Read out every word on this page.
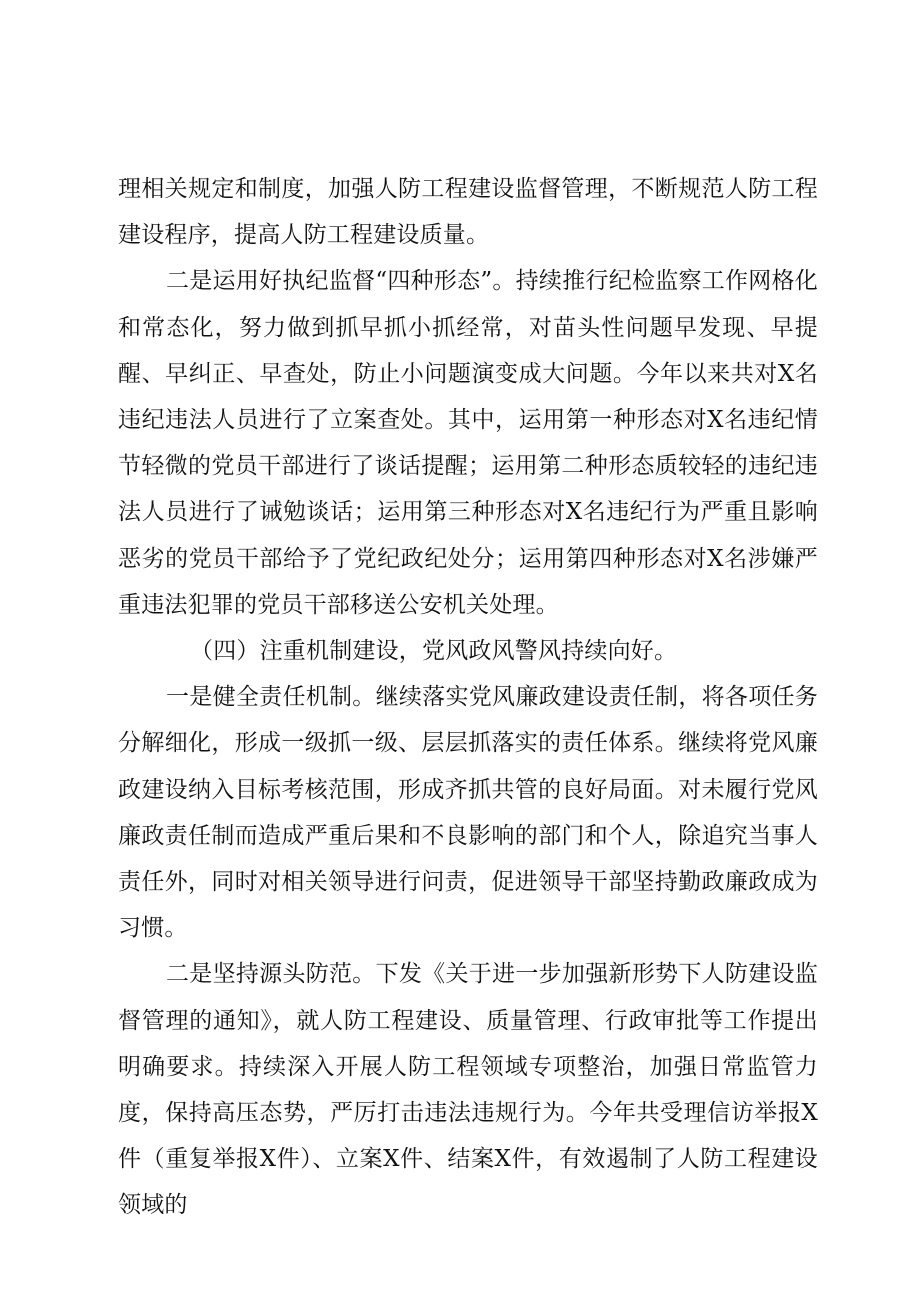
理相关规定和制度，加强人防工程建设监督管理，不断规范人防工程建设程序，提高人防工程建设质量。

二是运用好执纪监督“四种形态”。持续推行纪检监察工作网格化和常态化，努力做到抓早抓小抓经常，对苗头性问题早发现、早提醒、早纠正、早查处，防止小问题演变成大问题。今年以来共对X名违纪违法人员进行了立案查处。其中，运用第一种形态对X名违纪情节轻微的党员干部进行了谈话提醒；运用第二种形态质较轻的违纪违法人员进行了诫勉谈话；运用第三种形态对X名违纪行为严重且影响恶劣的党员干部给予了党纪政纪处分；运用第四种形态对X名涉嫌严重违法犯罪的党员干部移送公安机关处理。

（四）注重机制建设，党风政风警风持续向好。

一是健全责任机制。继续落实党风廉政建设责任制，将各项任务分解细化，形成一级抓一级、层层抓落实的责任体系。继续将党风廉政建设纳入目标考核范围，形成齐抓共管的良好局面。对未履行党风廉政责任制而造成严重后果和不良影响的部门和个人，除追究当事人责任外，同时对相关领导进行问责，促进领导干部坚持勤政廉政成为习惯。

二是坚持源头防范。下发《关于进一步加强新形势下人防建设监督管理的通知》，就人防工程建设、质量管理、行政审批等工作提出明确要求。持续深入开展人防工程领域专项整治，加强日常监管力度，保持高压态势，严厉打击违法违规行为。今年共受理信访举报X件（重复举报X件）、立案X件、结案X件，有效遏制了人防工程建设领域的
